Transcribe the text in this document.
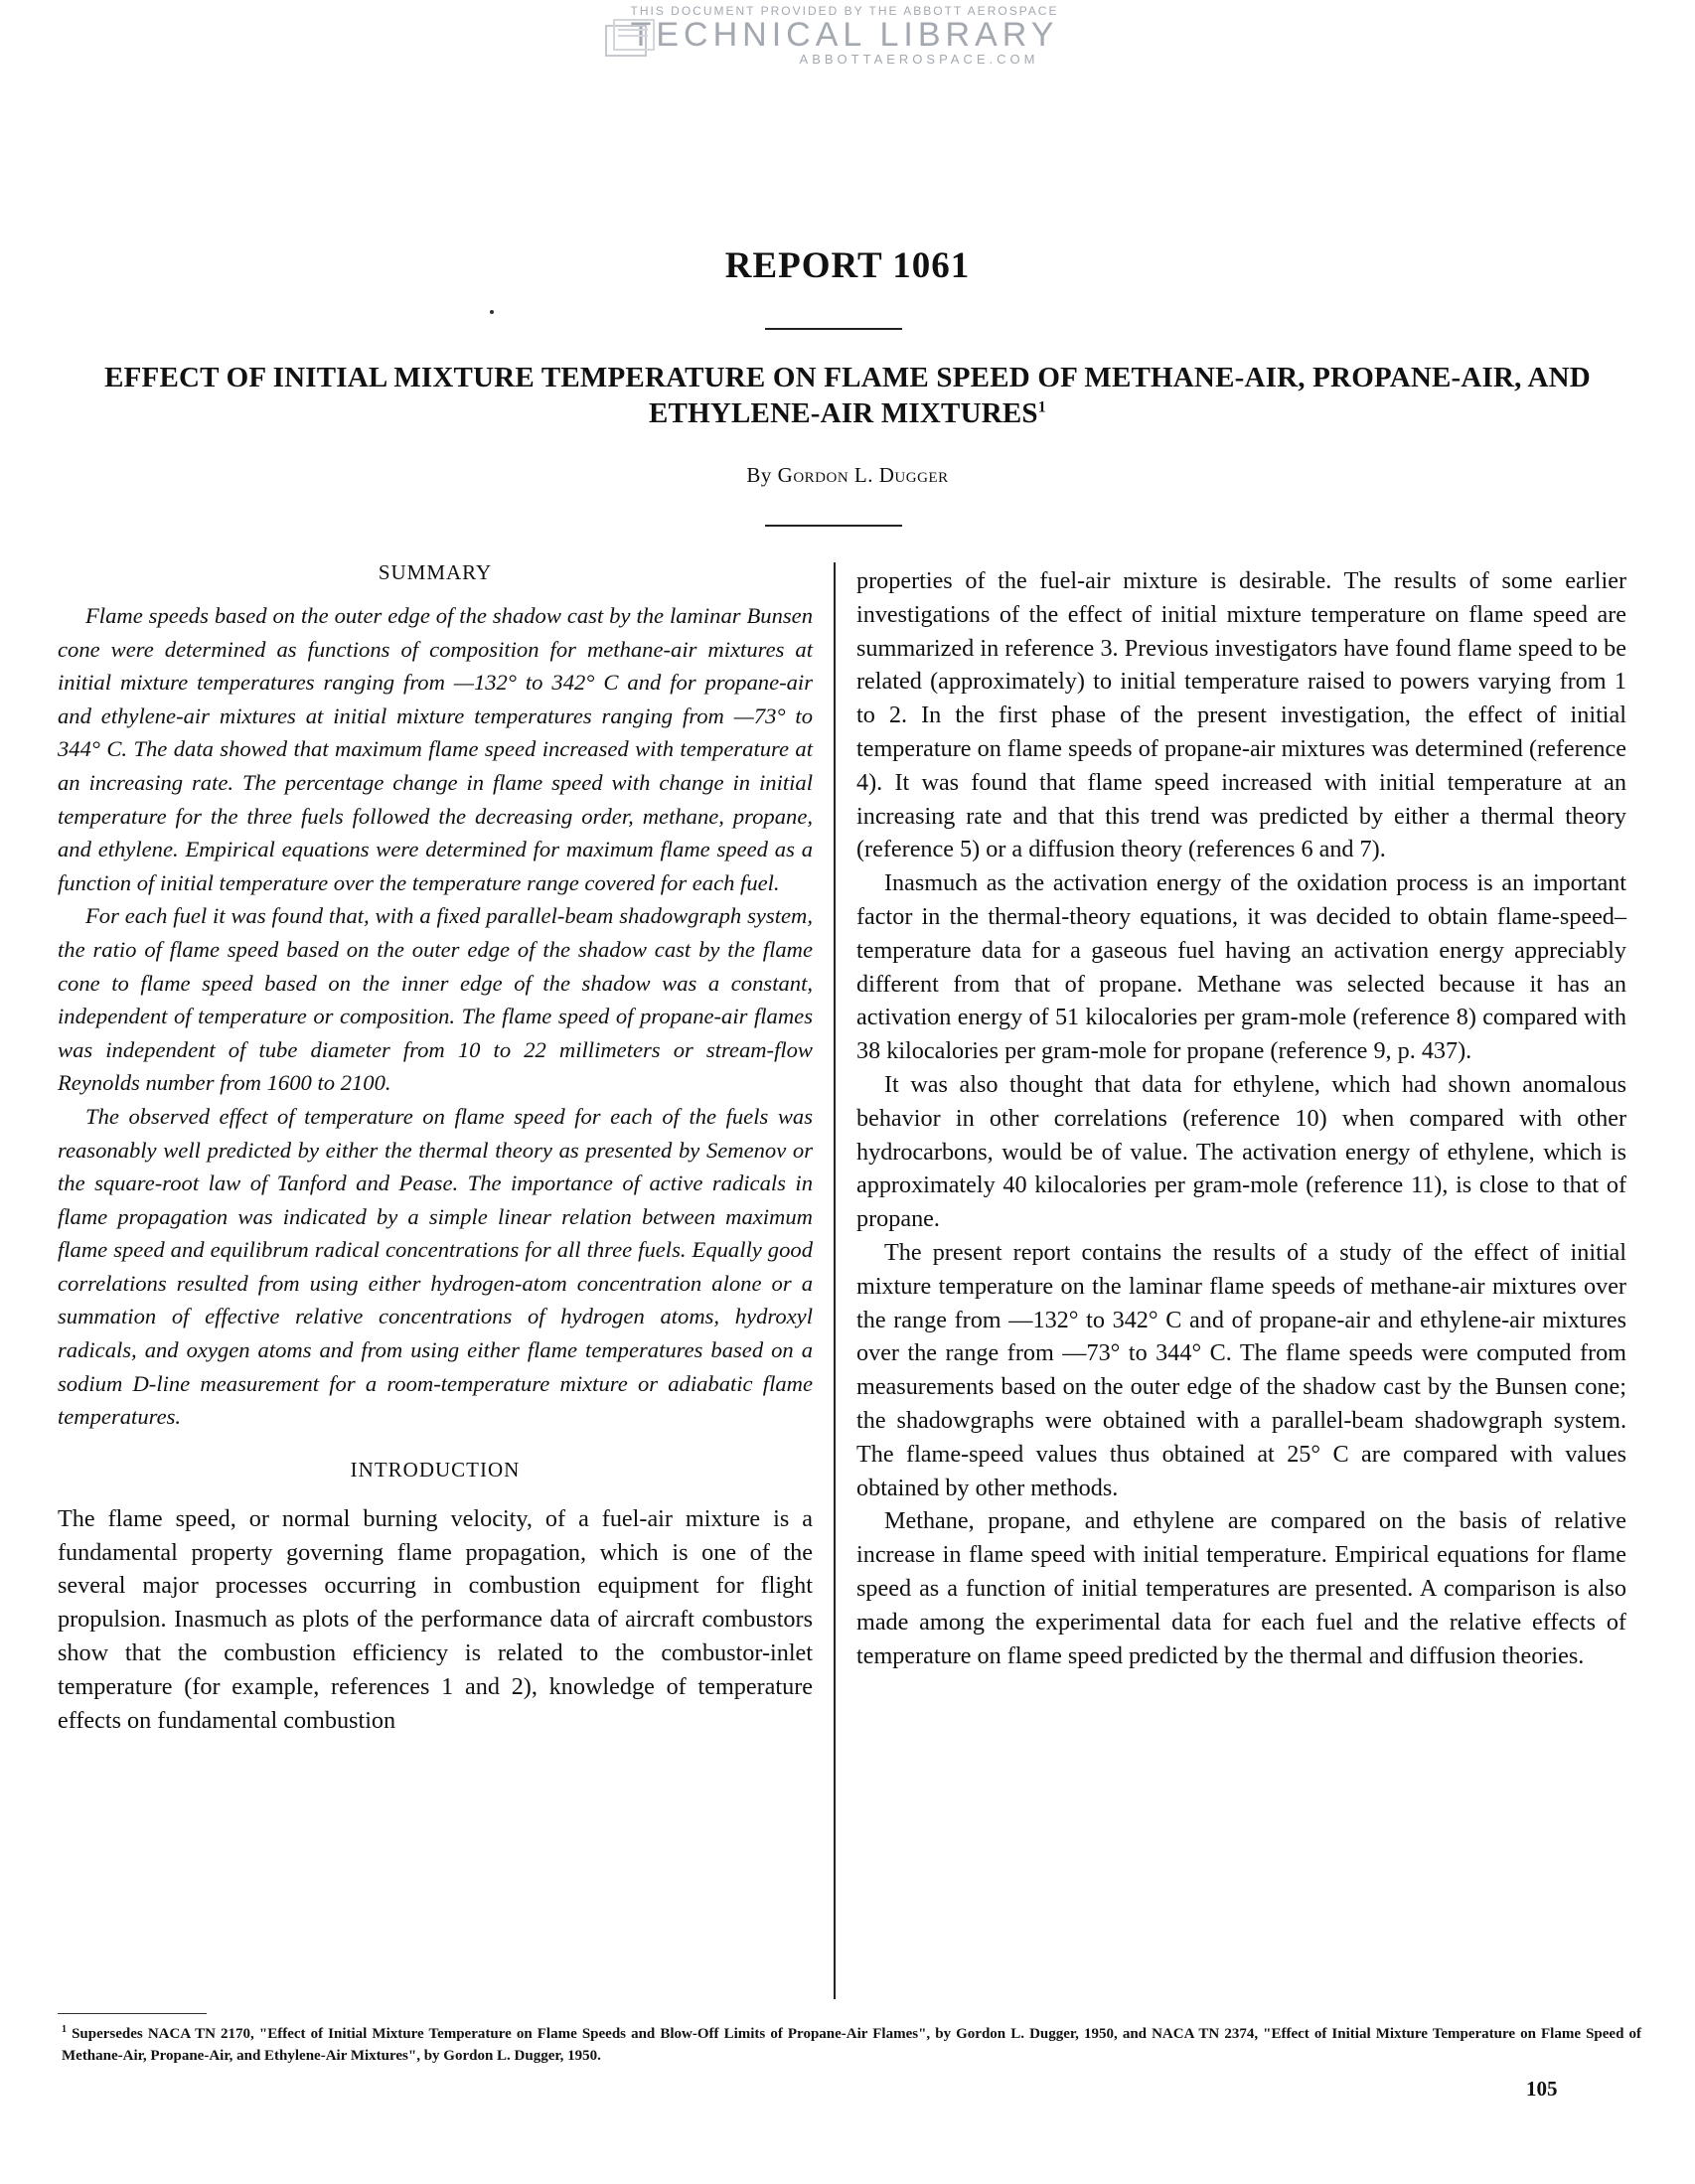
THIS DOCUMENT PROVIDED BY THE ABBOTT AEROSPACE
TECHNICAL LIBRARY
ABBOTTAEROSPACE.COM
REPORT 1061
EFFECT OF INITIAL MIXTURE TEMPERATURE ON FLAME SPEED OF METHANE-AIR, PROPANE-AIR, AND ETHYLENE-AIR MIXTURES$^1$
By Gordon L. Dugger
SUMMARY

Flame speeds based on the outer edge of the shadow cast by the laminar Bunsen cone were determined as functions of composition for methane-air mixtures at initial mixture temperatures ranging from —132° to 342° C and for propane-air and ethylene-air mixtures at initial mixture temperatures ranging from —73° to 344° C. The data showed that maximum flame speed increased with temperature at an increasing rate. The percentage change in flame speed with change in initial temperature for the three fuels followed the decreasing order, methane, propane, and ethylene. Empirical equations were determined for maximum flame speed as a function of initial temperature over the temperature range covered for each fuel.

For each fuel it was found that, with a fixed parallel-beam shadowgraph system, the ratio of flame speed based on the outer edge of the shadow cast by the flame cone to flame speed based on the inner edge of the shadow was a constant, independent of temperature or composition. The flame speed of propane-air flames was independent of tube diameter from 10 to 22 millimeters or stream-flow Reynolds number from 1600 to 2100.

The observed effect of temperature on flame speed for each of the fuels was reasonably well predicted by either the thermal theory as presented by Semenov or the square-root law of Tanford and Pease. The importance of active radicals in flame propagation was indicated by a simple linear relation between maximum flame speed and equilibrum radical concentrations for all three fuels. Equally good correlations resulted from using either hydrogen-atom concentration alone or a summation of effective relative concentrations of hydrogen atoms, hydroxyl radicals, and oxygen atoms and from using either flame temperatures based on a sodium D-line measurement for a room-temperature mixture or adiabatic flame temperatures.

INTRODUCTION

The flame speed, or normal burning velocity, of a fuel-air mixture is a fundamental property governing flame propagation, which is one of the several major processes occurring in combustion equipment for flight propulsion. Inasmuch as plots of the performance data of aircraft combustors show that the combustion efficiency is related to the combustor-inlet temperature (for example, references 1 and 2), knowledge of temperature effects on fundamental combustion

properties of the fuel-air mixture is desirable. The results of some earlier investigations of the effect of initial mixture temperature on flame speed are summarized in reference 3. Previous investigators have found flame speed to be related (approximately) to initial temperature raised to powers varying from 1 to 2. In the first phase of the present investigation, the effect of initial temperature on flame speeds of propane-air mixtures was determined (reference 4). It was found that flame speed increased with initial temperature at an increasing rate and that this trend was predicted by either a thermal theory (reference 5) or a diffusion theory (references 6 and 7).

Inasmuch as the activation energy of the oxidation process is an important factor in the thermal-theory equations, it was decided to obtain flame-speed–temperature data for a gaseous fuel having an activation energy appreciably different from that of propane. Methane was selected because it has an activation energy of 51 kilocalories per gram-mole (reference 8) compared with 38 kilocalories per gram-mole for propane (reference 9, p. 437).

It was also thought that data for ethylene, which had shown anomalous behavior in other correlations (reference 10) when compared with other hydrocarbons, would be of value. The activation energy of ethylene, which is approximately 40 kilocalories per gram-mole (reference 11), is close to that of propane.

The present report contains the results of a study of the effect of initial mixture temperature on the laminar flame speeds of methane-air mixtures over the range from —132° to 342° C and of propane-air and ethylene-air mixtures over the range from —73° to 344° C. The flame speeds were computed from measurements based on the outer edge of the shadow cast by the Bunsen cone; the shadowgraphs were obtained with a parallel-beam shadowgraph system. The flame-speed values thus obtained at 25° C are compared with values obtained by other methods.

Methane, propane, and ethylene are compared on the basis of relative increase in flame speed with initial temperature. Empirical equations for flame speed as a function of initial temperatures are presented. A comparison is also made among the experimental data for each fuel and the relative effects of temperature on flame speed predicted by the thermal and diffusion theories.

$^1$ Supersedes NACA TN 2170, "Effect of Initial Mixture Temperature on Flame Speeds and Blow-Off Limits of Propane-Air Flames", by Gordon L. Dugger, 1950, and NACA TN 2374, "Effect of Initial Mixture Temperature on Flame Speed of Methane-Air, Propane-Air, and Ethylene-Air Mixtures", by Gordon L. Dugger, 1950.
105
